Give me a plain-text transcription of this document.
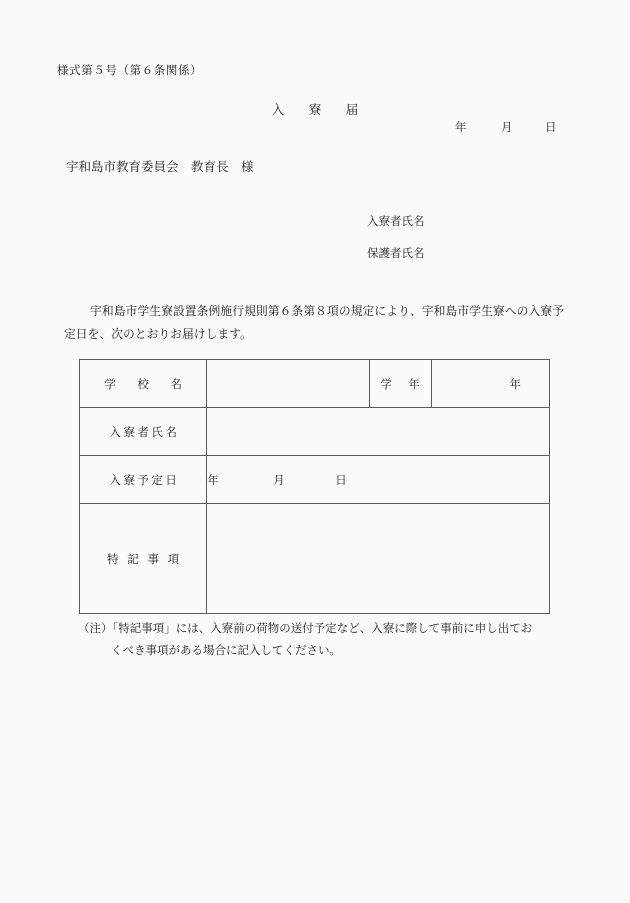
様式第５号（第６条関係）
入　寮　届
年	月	日
宇和島市教育委員会　教育長　様
入寮者氏名
保護者氏名
宇和島市学生寮設置条例施行規則第６条第８項の規定により、宇和島市学生寮への入寮予定日を、次のとおりお届けします。
学　校　名		学　年	年

入寮者氏名			
入寮予定日	年 月 日		
特 記 事 項			
（注）「特記事項」には、入寮前の荷物の送付予定など、入寮に際して事前に申し出てお
くべき事項がある場合に記入してください。
